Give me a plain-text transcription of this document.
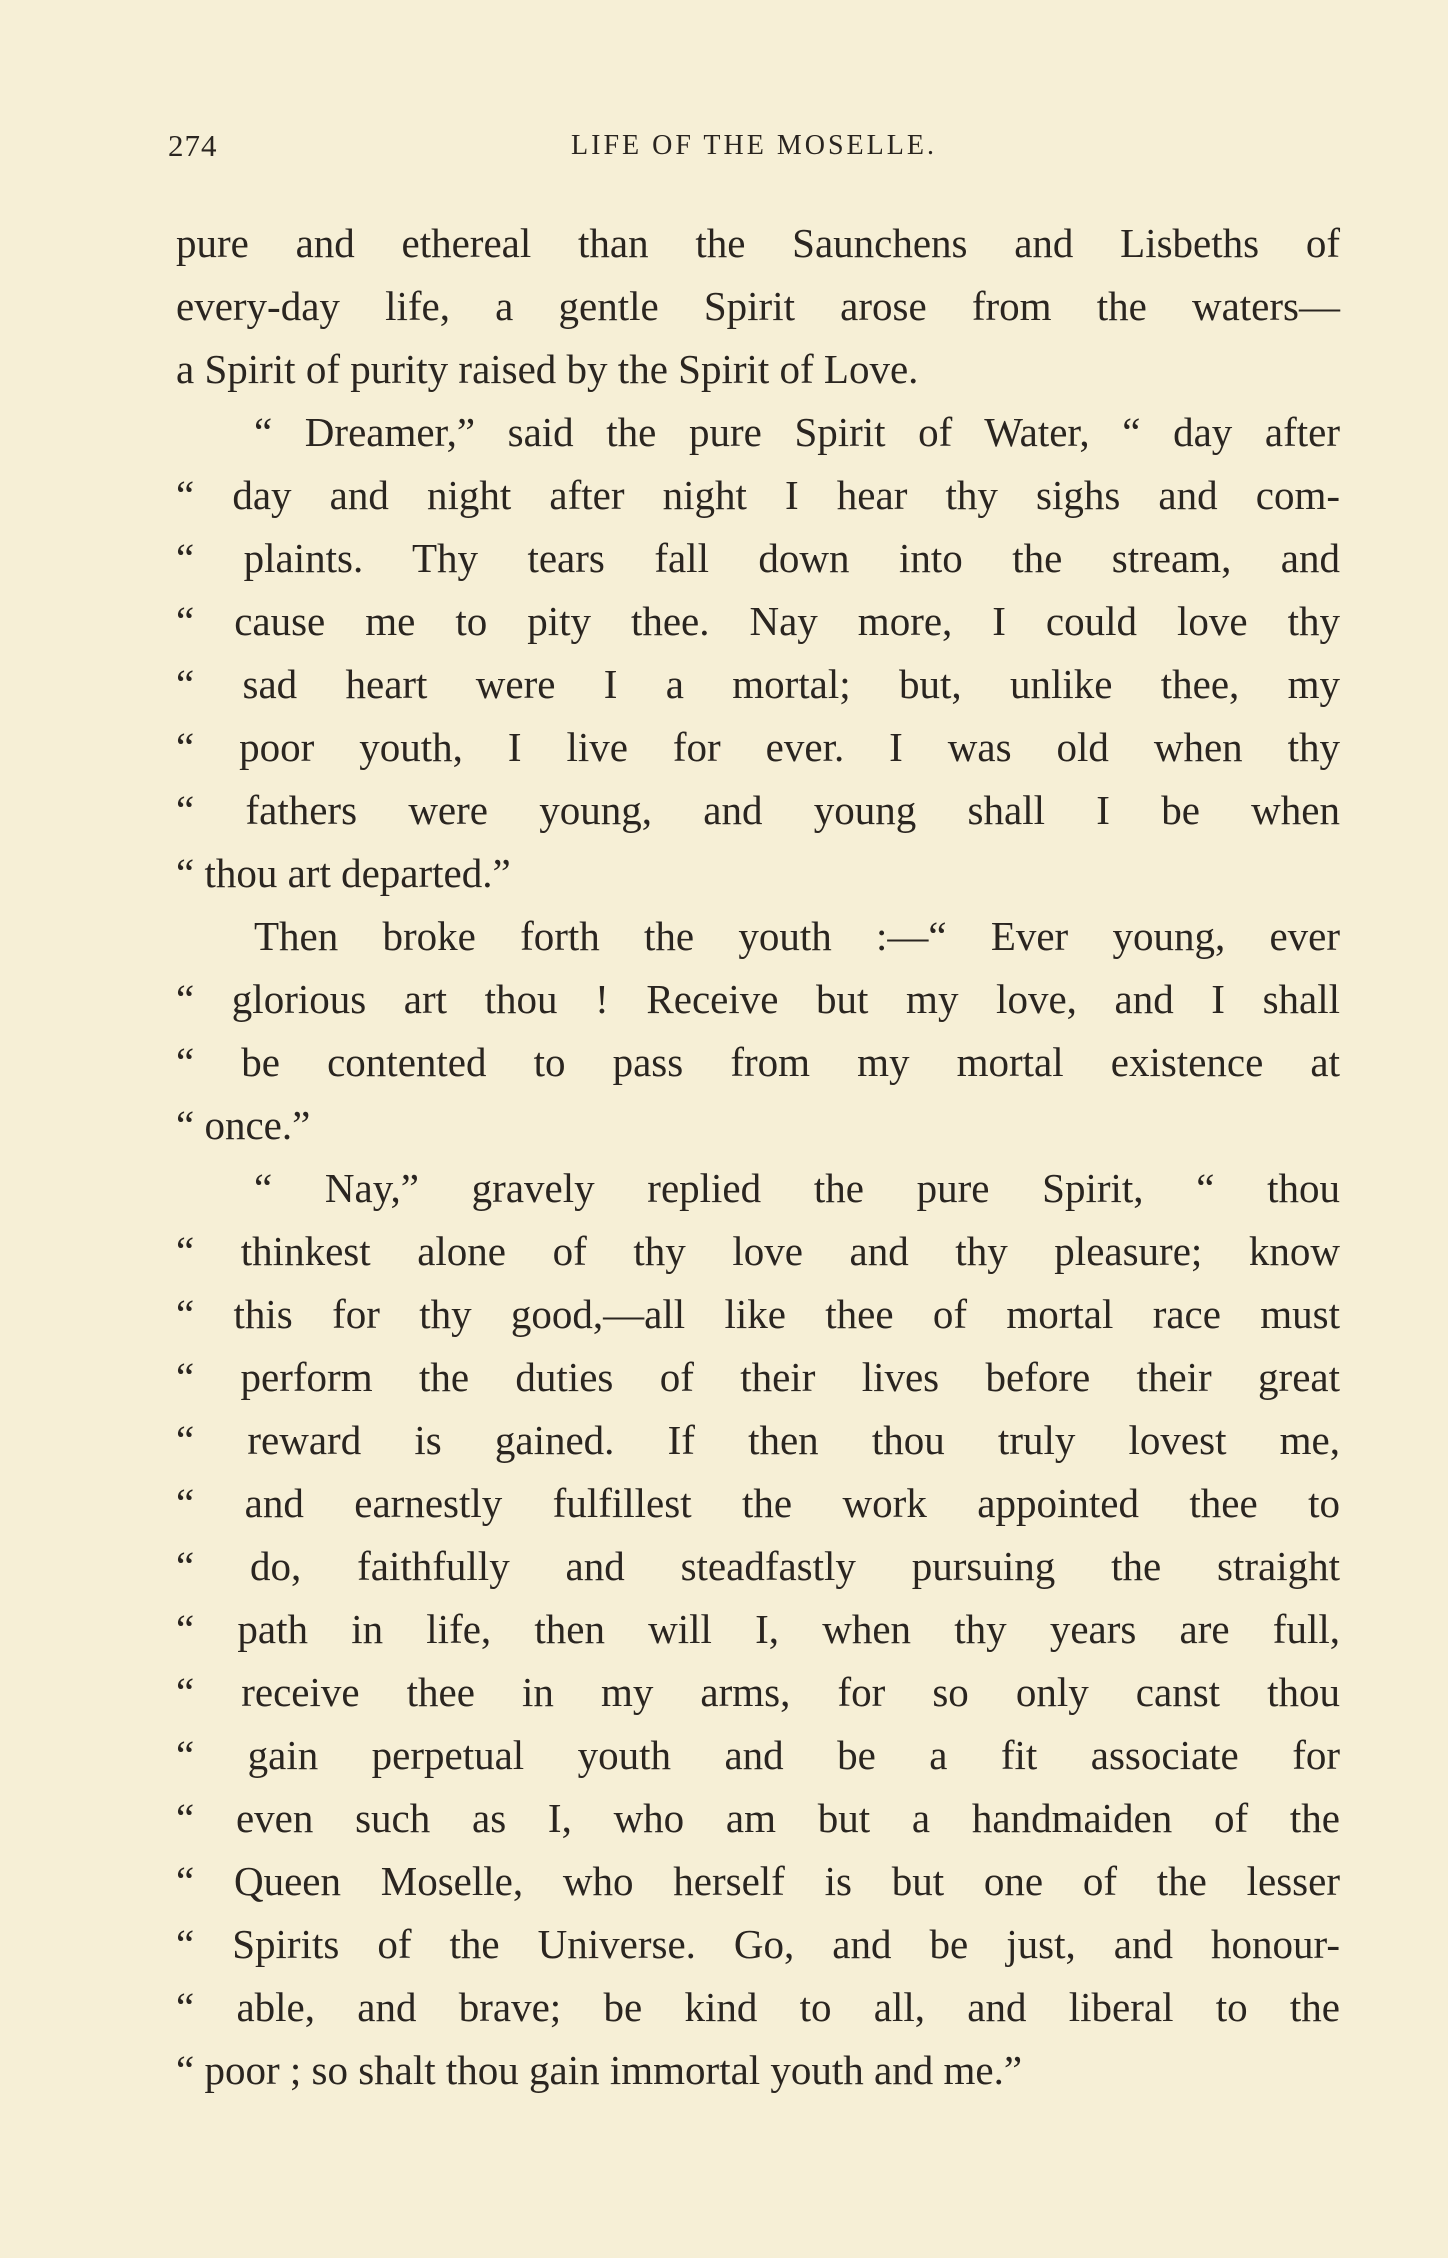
274	LIFE OF THE MOSELLE.
pure and ethereal than the Saunchens and Lisbeths of
every-day life, a gentle Spirit arose from the waters—
a Spirit of purity raised by the Spirit of Love.
“ Dreamer,” said the pure Spirit of Water, “ day after
“ day and night after night I hear thy sighs and com-
“ plaints. Thy tears fall down into the stream, and
“ cause me to pity thee. Nay more, I could love thy
“ sad heart were I a mortal; but, unlike thee, my
“ poor youth, I live for ever. I was old when thy
“ fathers were young, and young shall I be when
“ thou art departed.”
Then broke forth the youth :—“ Ever young, ever
“ glorious art thou ! Receive but my love, and I shall
“ be contented to pass from my mortal existence at
“ once.”
“ Nay,” gravely replied the pure Spirit, “ thou
“ thinkest alone of thy love and thy pleasure; know
“ this for thy good,—all like thee of mortal race must
“ perform the duties of their lives before their great
“ reward is gained. If then thou truly lovest me,
“ and earnestly fulfillest the work appointed thee to
“ do, faithfully and steadfastly pursuing the straight
“ path in life, then will I, when thy years are full,
“ receive thee in my arms, for so only canst thou
“ gain perpetual youth and be a fit associate for
“ even such as I, who am but a handmaiden of the
“ Queen Moselle, who herself is but one of the lesser
“ Spirits of the Universe. Go, and be just, and honour-
“ able, and brave; be kind to all, and liberal to the
“ poor ; so shalt thou gain immortal youth and me.”
